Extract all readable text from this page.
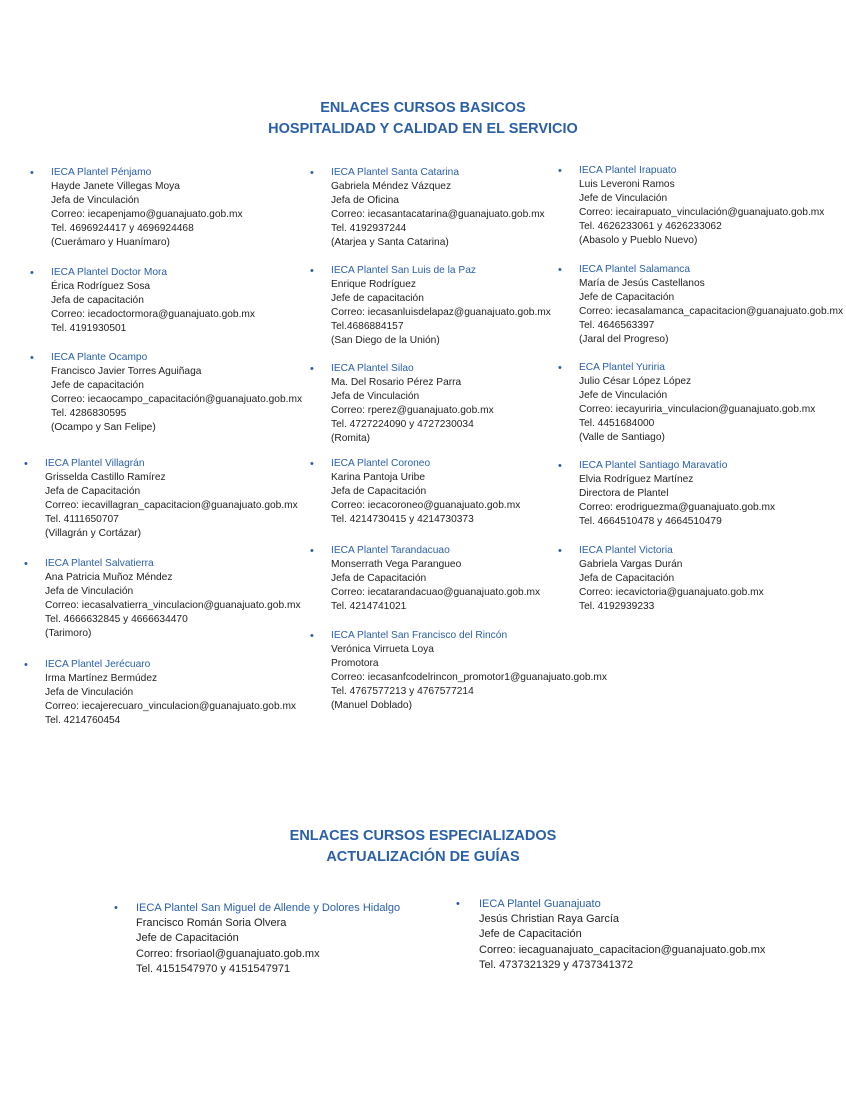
ENLACES CURSOS BASICOS
HOSPITALIDAD Y CALIDAD EN EL SERVICIO
ENLACES CURSOS ESPECIALIZADOS
ACTUALIZACIÓN DE GUÍAS
• IECA Plantel Pénjamo
Hayde Janete Villegas Moya
Jefa de Vinculación
Correo: iecapenjamo@guanajuato.gob.mx
Tel. 4696924417 y 4696924468
(Cuerámaro y Huanímaro)
• IECA Plantel Doctor Mora
Érica Rodríguez Sosa
Jefa de capacitación
Correo: iecadoctormora@guanajuato.gob.mx
Tel. 4191930501
• IECA Plante Ocampo
Francisco Javier Torres Aguiñaga
Jefe de capacitación
Correo: iecaocampo_capacitación@guanajuato.gob.mx
Tel. 4286830595
(Ocampo y San Felipe)
• IECA Plantel Villagrán
Grisselda Castillo Ramírez
Jefa de Capacitación
Correo: iecavillagran_capacitacion@guanajuato.gob.mx
Tel. 4111650707
(Villagrán y Cortázar)
• IECA Plantel Salvatierra
Ana Patricia Muñoz Méndez
Jefa de Vinculación
Correo: iecasalvatierra_vinculacion@guanajuato.gob.mx
Tel. 4666632845 y 4666634470
(Tarimoro)
• IECA Plantel Jerécuaro
Irma Martínez Bermúdez
Jefa de Vinculación
Correo: iecajerecuaro_vinculacion@guanajuato.gob.mx
Tel. 4214760454
• IECA Plantel Santa Catarina
Gabriela Méndez Vázquez
Jefa de Oficina
Correo: iecasantacatarina@guanajuato.gob.mx
Tel. 4192937244
(Atarjea y Santa Catarina)
• IECA Plantel San Luis de la Paz
Enrique Rodríguez
Jefe de capacitación
Correo: iecasanluisdelapaz@guanajuato.gob.mx
Tel.4686884157
(San Diego de la Unión)
• IECA Plantel Silao
Ma. Del Rosario Pérez Parra
Jefa de Vinculación
Correo: rperez@guanajuato.gob.mx
Tel. 4727224090 y 4727230034
(Romita)
• IECA Plantel Coroneo
Karina Pantoja Uribe
Jefa de Capacitación
Correo: iecacoroneo@guanajuato.gob.mx
Tel. 4214730415 y 4214730373
• IECA Plantel Tarandacuao
Monserrath Vega Parangueo
Jefa de Capacitación
Correo: iecatarandacuao@guanajuato.gob.mx
Tel. 4214741021
• IECA Plantel San Francisco del Rincón
Verónica Virrueta Loya
Promotora
Correo: iecasanfcodelrincon_promotor1@guanajuato.gob.mx
Tel. 4767577213 y 4767577214
(Manuel Doblado)
• IECA Plantel Irapuato
Luis Leveroni Ramos
Jefe de Vinculación
Correo: iecairapuato_vinculación@guanajuato.gob.mx
Tel. 4626233061 y 4626233062
(Abasolo y Pueblo Nuevo)
• IECA Plantel Salamanca
María de Jesús Castellanos
Jefe de Capacitación
Correo: iecasalamanca_capacitacion@guanajuato.gob.mx
Tel. 4646563397
(Jaral del Progreso)
• ECA Plantel Yuriria
Julio César López López
Jefe de Vinculación
Correo: iecayuriria_vinculacion@guanajuato.gob.mx
Tel. 4451684000
(Valle de Santiago)
• IECA Plantel Santiago Maravatío
Elvia Rodríguez Martínez
Directora de Plantel
Correo: erodriguezma@guanajuato.gob.mx
Tel. 4664510478 y 4664510479
• IECA Plantel Victoria
Gabriela Vargas Durán
Jefa de Capacitación
Correo: iecavictoria@guanajuato.gob.mx
Tel. 4192939233
• IECA Plantel San Miguel de Allende y Dolores Hidalgo
Francisco Román Soria Olvera
Jefe de Capacitación
Correo: frsoriaol@guanajuato.gob.mx
Tel. 4151547970 y 4151547971
• IECA Plantel Guanajuato
Jesús Christian Raya García
Jefe de Capacitación
Correo: iecaguanajuato_capacitacion@guanajuato.gob.mx
Tel. 4737321329 y 4737341372
